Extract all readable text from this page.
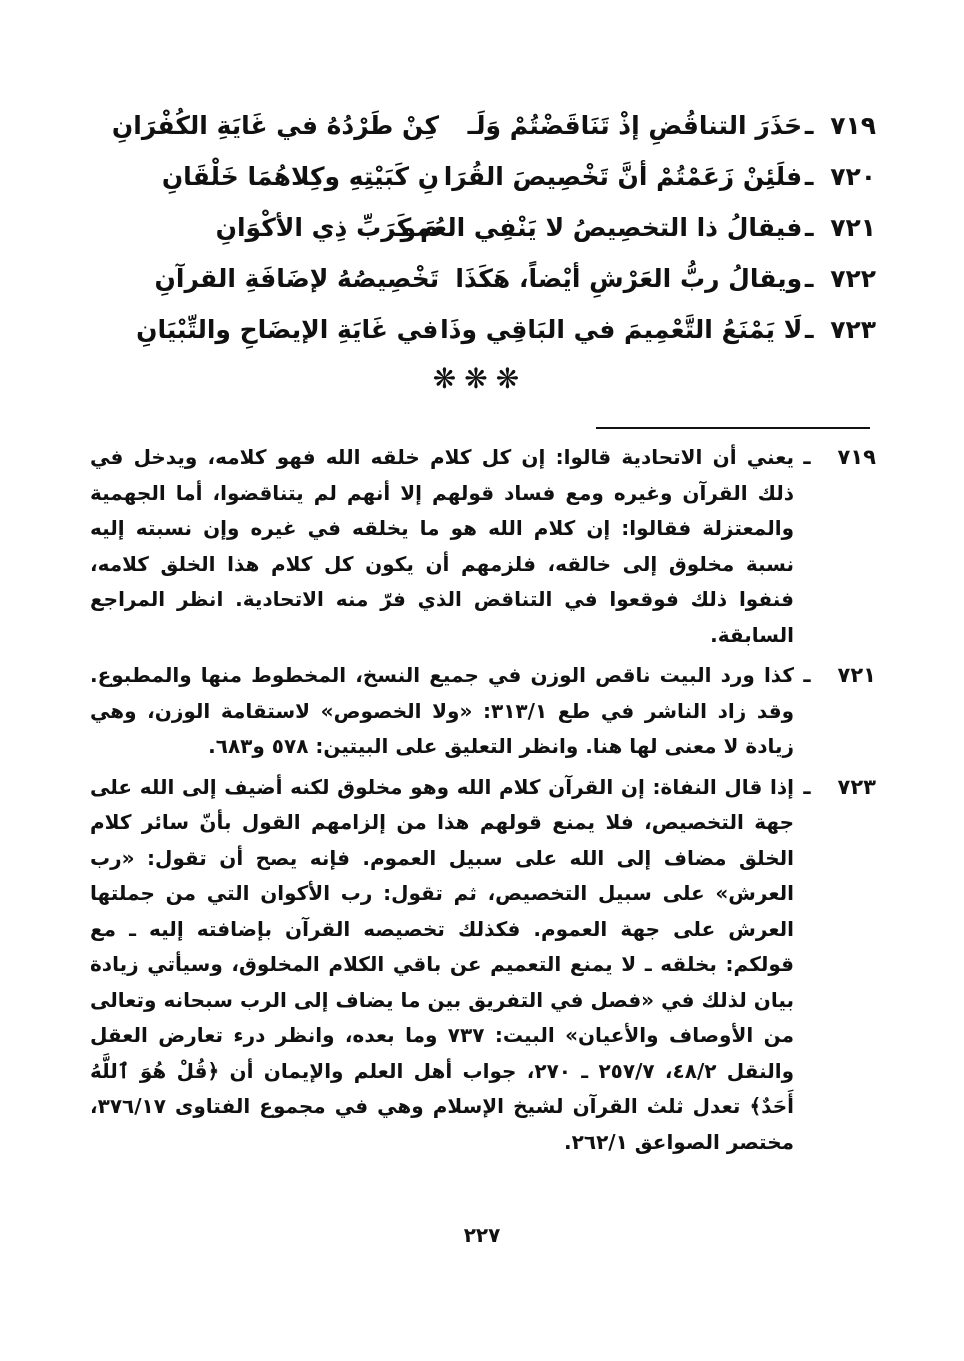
٧١٩
ـ
حَذَرَ التناقُضِ إذْ تَنَاقَضْتُمْ وَلَـ
كِنْ طَرْدُهُ في غَايَةِ الكُفْرَانِ
٧٢٠
ـ
فلَئِنْ زَعَمْتُمْ أنَّ تَخْصِيصَ القُرَا
نِ كَبَيْتِهِ وكِلاهُمَا خَلْقَانِ
٧٢١
ـ
فيقالُ ذا التخصِيصُ لا يَنْفِي العُمو
مَ كَرَبِّ ذِي الأكْوَانِ
٧٢٢
ـ
ويقالُ ربُّ العَرْشِ أيْضاً، هَكَذَا
تَخْصِيصُهُ لإضَافَةِ القرآنِ
٧٢٣
ـ
لَا يَمْنَعُ التَّعْمِيمَ في البَاقِي وذَا
في غَايَةِ الإيضَاحِ والتِّبْيَانِ
❋❋❋
٧١٩
ـ
يعني أن الاتحادية قالوا: إن كل كلام خلقه الله فهو كلامه، ويدخل في ذلك القرآن وغيره ومع فساد قولهم إلا أنهم لم يتناقضوا، أما الجهمية والمعتزلة فقالوا: إن كلام الله هو ما يخلقه في غيره وإن نسبته إليه نسبة مخلوق إلى خالقه، فلزمهم أن يكون كل كلام هذا الخلق كلامه، فنفوا ذلك فوقعوا في التناقض الذي فرّ منه الاتحادية. انظر المراجع السابقة.
٧٢١
ـ
كذا ورد البيت ناقص الوزن في جميع النسخ، المخطوط منها والمطبوع. وقد زاد الناشر في طع ٣١٣/١: «ولا الخصوص» لاستقامة الوزن، وهي زيادة لا معنى لها هنا. وانظر التعليق على البيتين: ٥٧٨ و٦٨٣.
٧٢٣
ـ
إذا قال النفاة: إن القرآن كلام الله وهو مخلوق لكنه أضيف إلى الله على جهة التخصيص، فلا يمنع قولهم هذا من إلزامهم القول بأنّ سائر كلام الخلق مضاف إلى الله على سبيل العموم. فإنه يصح أن تقول: «رب العرش» على سبيل التخصيص، ثم تقول: رب الأكوان التي من جملتها العرش على جهة العموم. فكذلك تخصيصه القرآن بإضافته إليه ـ مع قولكم: بخلقه ـ لا يمنع التعميم عن باقي الكلام المخلوق، وسيأتي زيادة بيان لذلك في «فصل في التفريق بين ما يضاف إلى الرب سبحانه وتعالى من الأوصاف والأعيان» البيت: ٧٣٧ وما بعده، وانظر درء تعارض العقل والنقل ٤٨/٢، ٢٥٧/٧ ـ ٢٧٠، جواب أهل العلم والإيمان أن ﴿قُلْ هُوَ ٱللَّهُ أَحَدٌ﴾ تعدل ثلث القرآن لشيخ الإسلام وهي في مجموع الفتاوى ٣٧٦/١٧، مختصر الصواعق ٢٦٢/١.
٢٢٧
